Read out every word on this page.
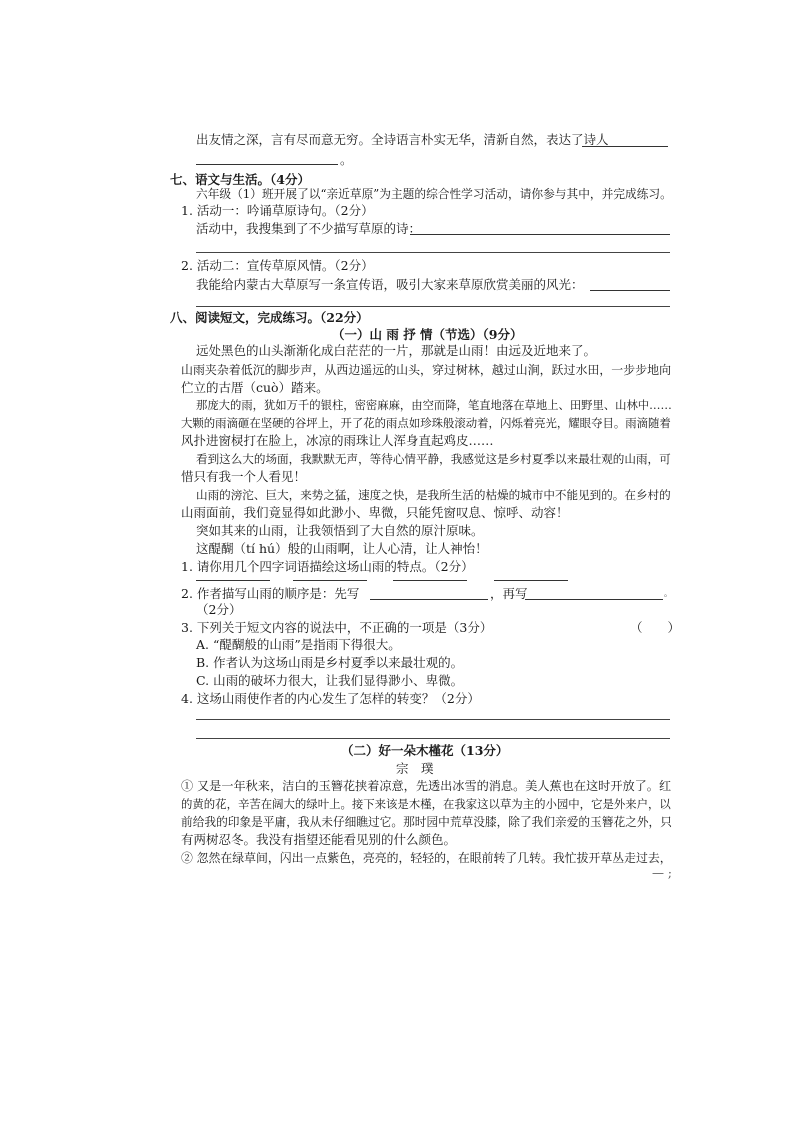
出友情之深，言有尽而意无穷。全诗语言朴实无华，清新自然，表达了诗人
。
七、语文与生活。（4分）
六年级（1）班开展了以“亲近草原”为主题的综合性学习活动，请你参与其中，并完成练习。
1. 活动一：吟诵草原诗句。（2分）
活动中，我搜集到了不少描写草原的诗：
2. 活动二：宣传草原风情。（2分）
我能给内蒙古大草原写一条宣传语，吸引大家来草原欣赏美丽的风光：
八、阅读短文，完成练习。（22分）
（一）山 雨 抒 情（节选）（9分）
远处黑色的山头渐渐化成白茫茫的一片，那就是山雨！由远及近地来了。
山雨夹杂着低沉的脚步声，从西边遥远的山头，穿过树林，越过山涧，跃过水田，一步步地向
伫立的古厝（cuò）踏来。
那庞大的雨，犹如万千的银柱，密密麻麻，由空而降，笔直地落在草地上、田野里、山林中……
大颗的雨滴砸在坚硬的谷坪上，开了花的雨点如珍珠般滚动着，闪烁着亮光，耀眼夺目。雨滴随着
风扑进窗棂打在脸上，冰凉的雨珠让人浑身直起鸡皮……
看到这么大的场面，我默默无声，等待心情平静，我感觉这是乡村夏季以来最壮观的山雨，可
惜只有我一个人看见！
山雨的滂沱、巨大，来势之猛，速度之快，是我所生活的枯燥的城市中不能见到的。在乡村的
山雨面前，我们竟显得如此渺小、卑微，只能凭窗叹息、惊呼、动容！
突如其来的山雨，让我领悟到了大自然的原汁原味。
这醍醐（tí hú）般的山雨啊，让人心清，让人神怡！
1. 请你用几个四字词语描绘这场山雨的特点。（2分）
2. 作者描写山雨的顺序是：先写	，再写	。
（2分）
3. 下列关于短文内容的说法中，不正确的一项是（3分）	（　　）
A. “醍醐般的山雨”是指雨下得很大。
B. 作者认为这场山雨是乡村夏季以来最壮观的。
C. 山雨的破坏力很大，让我们显得渺小、卑微。
4. 这场山雨使作者的内心发生了怎样的转变？（2分）
（二）好一朵木槿花（13分）
宗　璞
① 又是一年秋来，洁白的玉簪花挟着凉意，先透出冰雪的消息。美人蕉也在这时开放了。红
的黄的花，辛苦在阔大的绿叶上。接下来该是木槿，在我家这以草为主的小园中，它是外来户，以
前给我的印象是平庸，我从未仔细瞧过它。那时园中荒草没膝，除了我们亲爱的玉簪花之外，只
有两树忍冬。我没有指望还能看见别的什么颜色。
② 忽然在绿草间，闪出一点紫色，亮亮的，轻轻的，在眼前转了几转。我忙拔开草丛走过去，
— ;
